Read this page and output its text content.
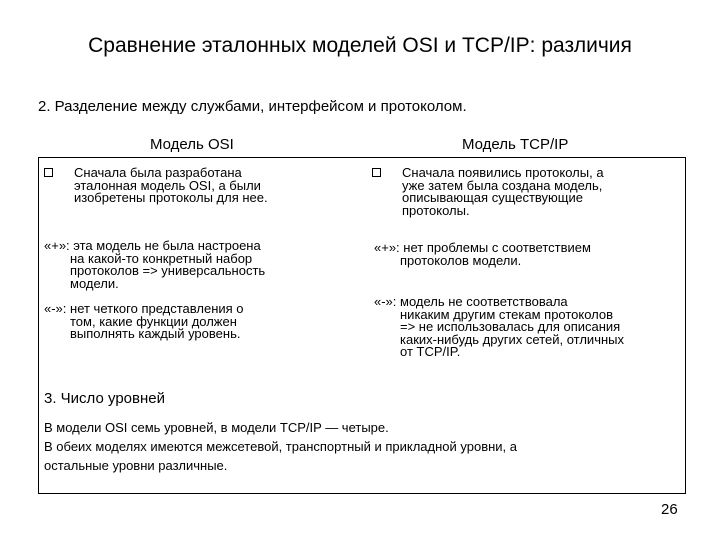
Сравнение эталонных моделей OSI и TCP/IP: различия
2. Разделение между службами, интерфейсом и протоколом.
Модель OSI	Модель TCP/IP
Сначала была разработана
эталонная модель OSI, а были
изобретены протоколы для нее.
«+»: эта модель не была настроена
на какой-то конкретный набор
протоколов => универсальность
модели.
«-»: нет четкого представления о
том, какие функции должен
выполнять каждый уровень.
Сначала появились протоколы, а
уже затем была создана модель,
описывающая существующие
протоколы.
«+»: нет проблемы с соответствием
протоколов модели.
«-»: модель не соответствовала
никаким другим стекам протоколов
=> не использовалась для описания
каких-нибудь других сетей, отличных
от TCP/IP.
3. Число уровней
В модели OSI семь уровней, в модели TCP/IP — четыре.
В обеих моделях имеются межсетевой, транспортный и прикладной уровни, а
остальные уровни различные.
26
